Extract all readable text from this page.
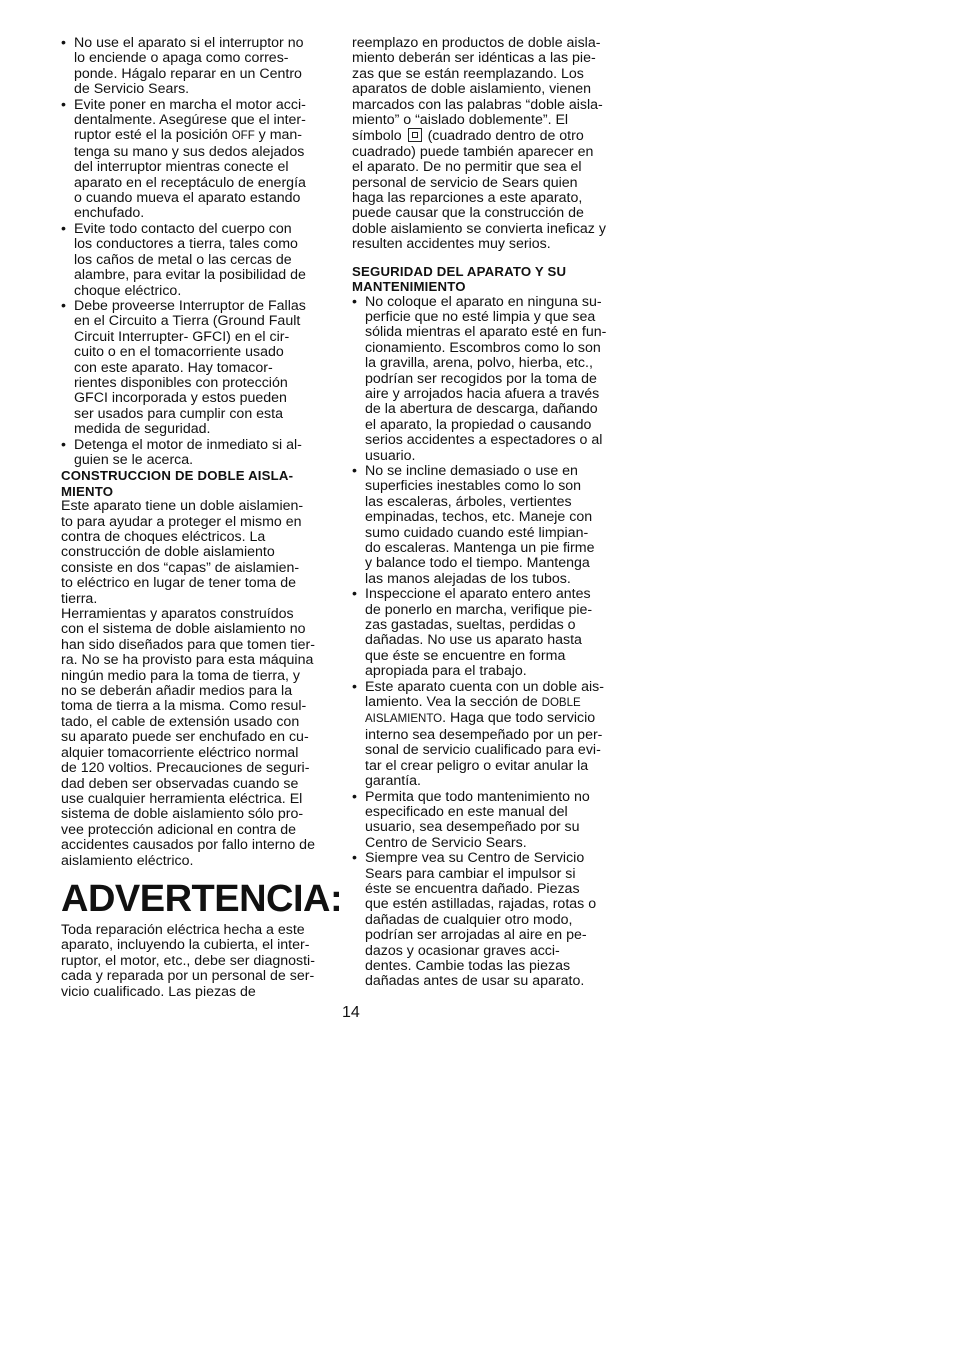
• No use el aparato si el interruptor no
lo enciende o apaga como corres-
ponde. Hágalo reparar en un Centro
de Servicio Sears.
• Evite poner en marcha el motor acci-
dentalmente. Asegúrese que el inter-
ruptor esté el la posición OFF y man-
tenga su mano y sus dedos alejados
del interruptor mientras conecte el
aparato en el receptáculo de energía
o cuando mueva el aparato estando
enchufado.
• Evite todo contacto del cuerpo con
los conductores a tierra, tales como
los caños de metal o las cercas de
alambre, para evitar la posibilidad de
choque eléctrico.
• Debe proveerse Interruptor de Fallas
en el Circuito a Tierra (Ground Fault
Circuit Interrupter- GFCI) en el cir-
cuito o en el tomacorriente usado
con este aparato. Hay tomacor-
rientes disponibles con protección
GFCI incorporada y estos pueden
ser usados para cumplir con esta
medida de seguridad.
• Detenga el motor de inmediato si al-
guien se le acerca.
CONSTRUCCION DE DOBLE AISLA-
MIENTO
Este aparato tiene un doble aislamien-
to para ayudar a proteger el mismo en
contra de choques eléctricos. La
construcción de doble aislamiento
consiste en dos “capas” de aislamien-
to eléctrico en lugar de tener toma de
tierra.
Herramientas y aparatos construídos
con el sistema de doble aislamiento no
han sido diseñados para que tomen tier-
ra. No se ha provisto para esta máquina
ningún medio para la toma de tierra, y
no se deberán añadir medios para la
toma de tierra a la misma. Como resul-
tado, el cable de extensión usado con
su aparato puede ser enchufado en cu-
alquier tomacorriente eléctrico normal
de 120 voltios. Precauciones de seguri-
dad deben ser observadas cuando se
use cualquier herramienta eléctrica. El
sistema de doble aislamiento sólo pro-
vee protección adicional en contra de
accidentes causados por fallo interno de
aislamiento eléctrico.
ADVERTENCIA:
Toda reparación eléctrica hecha a este
aparato, incluyendo la cubierta, el inter-
ruptor, el motor, etc., debe ser diagnosti-
cada y reparada por un personal de ser-
vicio cualificado. Las piezas de
reemplazo en productos de doble aisla-
miento deberán ser idénticas a las pie-
zas que se están reemplazando. Los
aparatos de doble aislamiento, vienen
marcados con las palabras “doble aisla-
miento” o “aislado doblemente”. El
símbolo  (cuadrado dentro de otro
cuadrado) puede también aparecer en
el aparato. De no permitir que sea el
personal de servicio de Sears quien
haga las reparciones a este aparato,
puede causar que la construcción de
doble aislamiento se convierta ineficaz y
resulten accidentes muy serios.
SEGURIDAD DEL APARATO Y SU
MANTENIMIENTO
• No coloque el aparato en ninguna su-
perficie que no esté limpia y que sea
sólida mientras el aparato esté en fun-
cionamiento. Escombros como lo son
la gravilla, arena, polvo, hierba, etc.,
podrían ser recogidos por la toma de
aire y arrojados hacia afuera a través
de la abertura de descarga, dañando
el aparato, la propiedad o causando
serios accidentes a espectadores o al
usuario.
• No se incline demasiado o use en
superficies inestables como lo son
las escaleras, árboles, vertientes
empinadas, techos, etc. Maneje con
sumo cuidado cuando esté limpian-
do escaleras. Mantenga un pie firme
y balance todo el tiempo. Mantenga
las manos alejadas de los tubos.
• Inspeccione el aparato entero antes
de ponerlo en marcha, verifique pie-
zas gastadas, sueltas, perdidas o
dañadas. No use us aparato hasta
que éste se encuentre en forma
apropiada para el trabajo.
• Este aparato cuenta con un doble ais-
lamiento. Vea la sección de DOBLE
AISLAMIENTO. Haga que todo servicio
interno sea desempeñado por un per-
sonal de servicio cualificado para evi-
tar el crear peligro o evitar anular la
garantía.
• Permita que todo mantenimiento no
especificado en este manual del
usuario, sea desempeñado por su
Centro de Servicio Sears.
• Siempre vea su Centro de Servicio
Sears para cambiar el impulsor si
éste se encuentra dañado. Piezas
que estén astilladas, rajadas, rotas o
dañadas de cualquier otro modo,
podrían ser arrojadas al aire en pe-
dazos y ocasionar graves acci-
dentes. Cambie todas las piezas
dañadas antes de usar su aparato.
14
